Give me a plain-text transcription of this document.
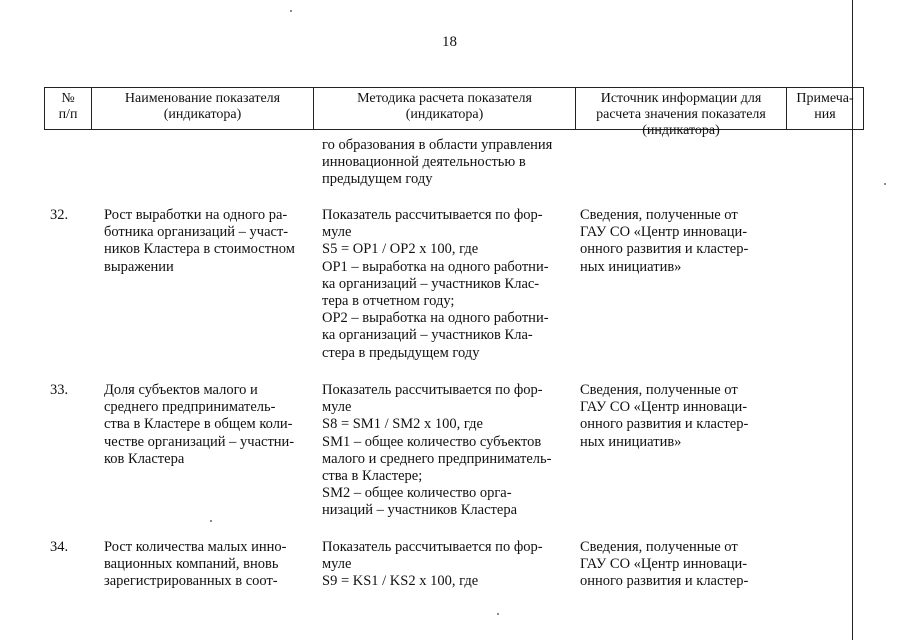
18
№
п/п
Наименование показателя
(индикатора)
Методика расчета показателя
(индикатора)
Источник информации для
расчета значения показателя
(индикатора)
Примеча-
ния
го образования в области управления
инновационной деятельностью в
предыдущем году
32. Рост выработки на одного ра-
ботника организаций – участ-
ников Кластера в стоимостном
выражении
Показатель рассчитывается по фор-
муле
S5 = OP1 / OP2 x 100, где
OP1 – выработка на одного работни-
ка организаций – участников Клас-
тера в отчетном году;
OP2 – выработка на одного работни-
ка организаций – участников Кла-
стера в предыдущем году
Сведения, полученные от
ГАУ СО «Центр инновaци-
онного развития и кластер-
ных инициатив»
33. Доля субъектов малого и
среднего предприниматель-
ства в Кластере в общем коли-
честве организаций – участни-
ков Кластера
Показатель рассчитывается по фор-
муле
S8 = SM1 / SM2 x 100, где
SM1 – общее количество субъектов
малого и среднего предприниматель-
ства в Кластере;
SM2 – общее количество орга-
низаций – участников Кластера
Сведения, полученные от
ГАУ СО «Центр инновaци-
онного развития и кластер-
ных инициатив»
34. Рост количества малых инно-
вационных компаний, вновь
зарегистрированных в соот-
Показатель рассчитывается по фор-
муле
S9 = KS1 / KS2 x 100, где
Сведения, полученные от
ГАУ СО «Центр инновaци-
онного развития и кластер-
